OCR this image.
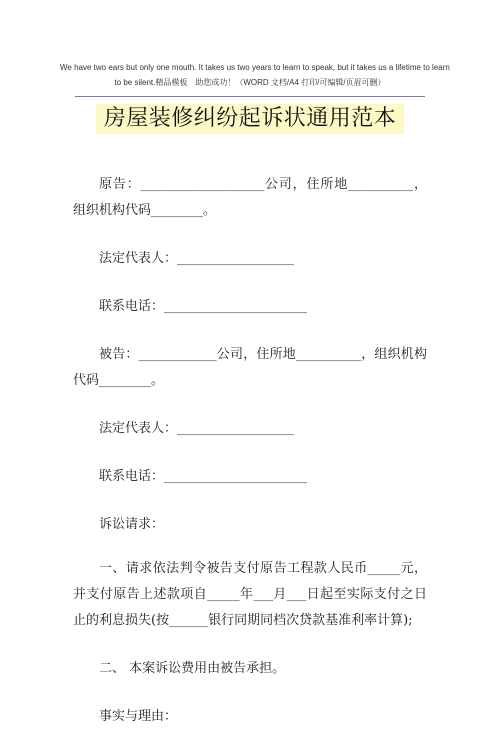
We have two ears but only one mouth. It takes us two years to learn to speak, but it takes us a lifetime to learn
to be silent.精品模板　助您成功！（WORD 文档/A4 打印/可编辑/页眉可删）
房屋装修纠纷起诉状通用范本

原告：___________________公司，住所地__________，组织机构代码________。

法定代表人：__________________

联系电话：______________________

被告：____________公司，住所地__________，组织机构代码________。

法定代表人：__________________

联系电话：______________________

诉讼请求：

一、请求依法判令被告支付原告工程款人民币_____元，并支付原告上述款项自_____年___月___日起至实际支付之日止的利息损失(按______银行同期同档次贷款基准利率计算);

二、 本案诉讼费用由被告承担。

事实与理由：
